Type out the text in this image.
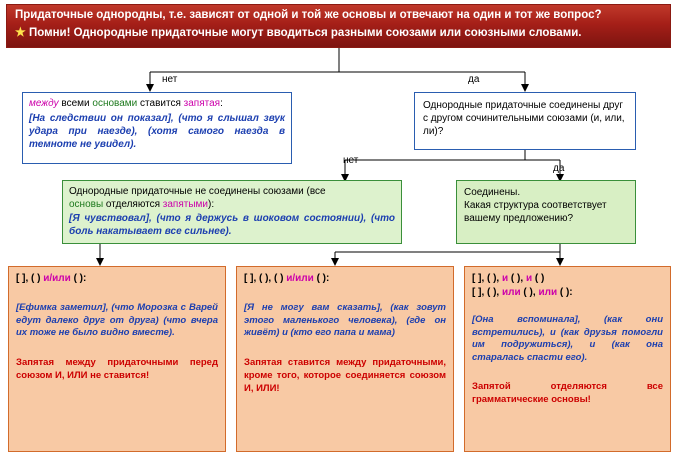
Придаточные однородны, т.е. зависят от одной и той же основы и отвечают на один и тот же вопрос?
★ Помни! Однородные придаточные могут вводиться разными союзами или союзными словами.
нет	да
нет
да
между всеми основами ставится запятая:
[На следствии он показал], (что я слышал звук удара при наезде), (хотя самого наезда в темноте не увидел).
Однородные придаточные соединены друг с другом сочинительными союзами (и, или, ли)?
Однородные придаточные не соединены союзами (все
основы отделяются запятыми):
[Я чувствовал], (что я держусь в шоковом состоянии), (что боль накатывает все сильнее).
Соединены.
Какая структура соответствует
вашему предложению?
[ ], ( ) и/или ( ):
[Ефимка заметил], (что Морозка с Варей едут далеко друг от друга) (что вчера их тоже не было видно вместе).
Запятая между придаточными перед союзом И, ИЛИ не ставится!
[ ], ( ), ( ) и/или ( ):
[Я не могу вам сказать], (как зовут этого маленького человека), (где он живёт) и (кто его папа и мама)
Запятая ставится между придаточными, кроме того, которое соединяется союзом И, ИЛИ!
[ ], ( ), и ( ), и ( )
[ ], ( ), или ( ), или ( ):
[Она вспоминала], (как они встретились), и (как друзья помогли им подружиться), и (как она старалась спасти его).
Запятой отделяются все грамматические основы!
